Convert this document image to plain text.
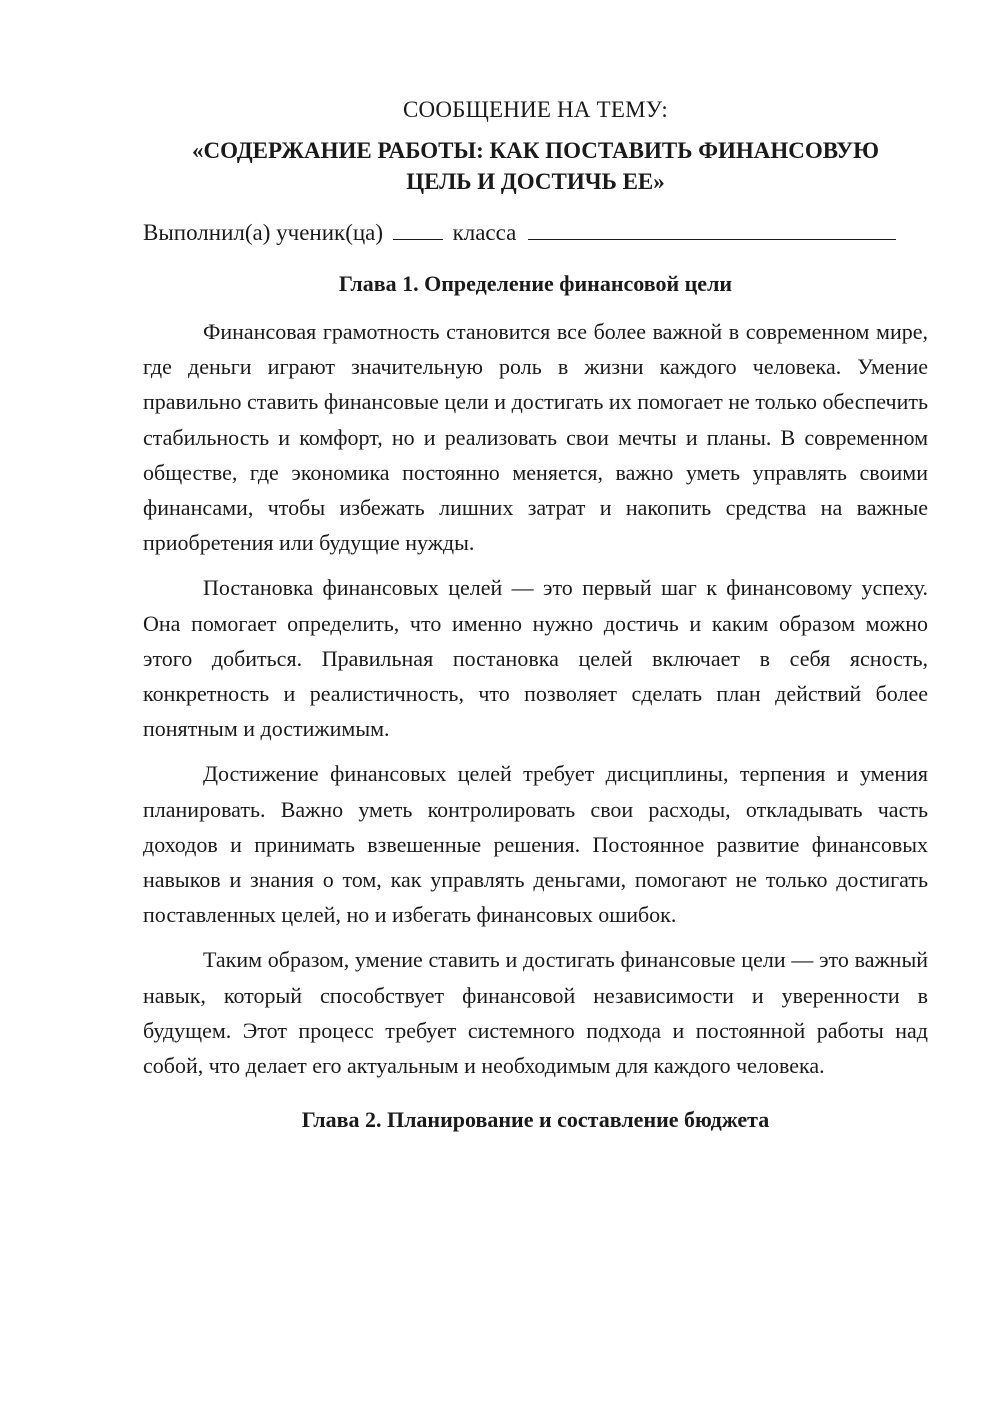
СООБЩЕНИЕ НА ТЕМУ:

«СОДЕРЖАНИЕ РАБОТЫ: КАК ПОСТАВИТЬ ФИНАНСОВУЮ
ЦЕЛЬ И ДОСТИЧЬ ЕЕ»

Выполнил(а) ученик(ца)	класса

Глава 1. Определение финансовой цели

Финансовая грамотность становится все более важной в современном мире, где деньги играют значительную роль в жизни каждого человека. Умение правильно ставить финансовые цели и достигать их помогает не только обеспечить стабильность и комфорт, но и реализовать свои мечты и планы. В современном обществе, где экономика постоянно меняется, важно уметь управлять своими финансами, чтобы избежать лишних затрат и накопить средства на важные приобретения или будущие нужды.

Постановка финансовых целей — это первый шаг к финансовому успеху. Она помогает определить, что именно нужно достичь и каким образом можно этого добиться. Правильная постановка целей включает в себя ясность, конкретность и реалистичность, что позволяет сделать план действий более понятным и достижимым.

Достижение финансовых целей требует дисциплины, терпения и умения планировать. Важно уметь контролировать свои расходы, откладывать часть доходов и принимать взвешенные решения. Постоянное развитие финансовых навыков и знания о том, как управлять деньгами, помогают не только достигать поставленных целей, но и избегать финансовых ошибок.

Таким образом, умение ставить и достигать финансовые цели — это важный навык, который способствует финансовой независимости и уверенности в будущем. Этот процесс требует системного подхода и постоянной работы над собой, что делает его актуальным и необходимым для каждого человека.

Глава 2. Планирование и составление бюджета
